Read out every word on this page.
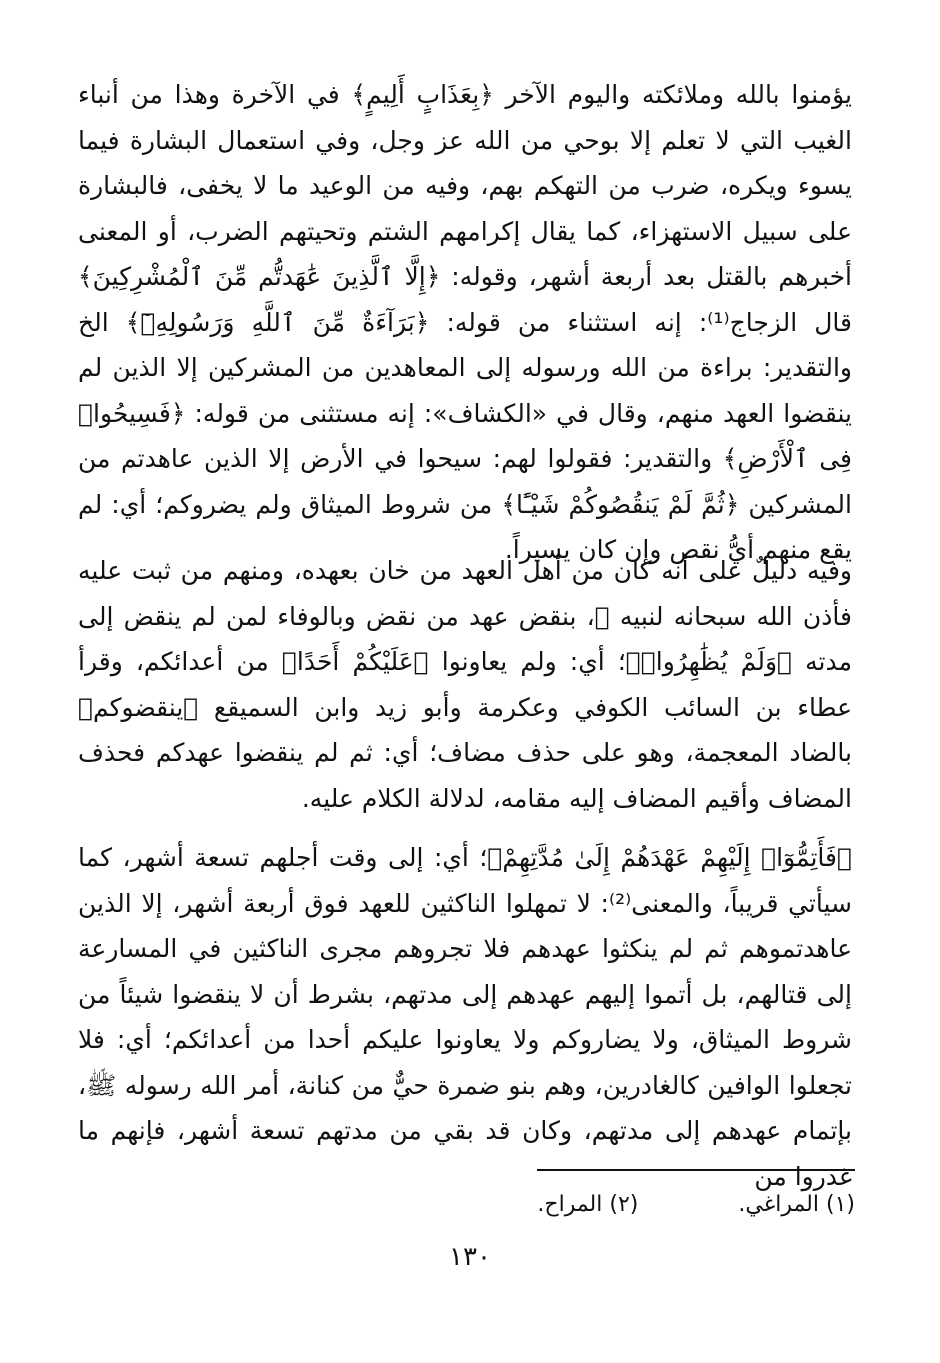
يؤمنوا بالله وملائكته واليوم الآخر ﴿بِعَذَابٍ أَلِيمٍ﴾ في الآخرة وهذا من أنباء الغيب التي لا تعلم إلا بوحي من الله عز وجل، وفي استعمال البشارة فيما يسوء ويكره، ضرب من التهكم بهم، وفيه من الوعيد ما لا يخفى، فالبشارة على سبيل الاستهزاء، كما يقال إكرامهم الشتم وتحيتهم الضرب، أو المعنى أخبرهم بالقتل بعد أربعة أشهر، وقوله: ﴿إِلَّا ٱلَّذِينَ عَٰهَدتُّم مِّنَ ٱلْمُشْرِكِينَ﴾ قال الزجاج⁽¹⁾: إنه استثناء من قوله: ﴿بَرَآءَةٌ مِّنَ ٱللَّهِ وَرَسُولِهِۦٓ﴾ الخ والتقدير: براءة من الله ورسوله إلى المعاهدين من المشركين إلا الذين لم ينقضوا العهد منهم، وقال في «الكشاف»: إنه مستثنى من قوله: ﴿فَسِيحُوا۟ فِى ٱلْأَرْضِ﴾ والتقدير: فقولوا لهم: سيحوا في الأرض إلا الذين عاهدتم من المشركين ﴿ثُمَّ لَمْ يَنقُصُوكُمْ شَيْـًٔا﴾ من شروط الميثاق ولم يضروكم؛ أي: لم يقع منهم أيُّ نقص وإن كان يسيراً.

وفيه دليلٌ على أنه كان من أهل العهد من خان بعهده، ومنهم من ثبت عليه فأذن الله سبحانه لنبيه ﷺ، بنقض عهد من نقض وبالوفاء لمن لم ينقض إلى مدته ﴿وَلَمْ يُظَٰهِرُوا۟﴾؛ أي: ولم يعاونوا ﴿عَلَيْكُمْ أَحَدًا﴾ من أعدائكم، وقرأ عطاء بن السائب الكوفي وعكرمة وأبو زيد وابن السميقع ﴿ينقضوكم﴾ بالضاد المعجمة، وهو على حذف مضاف؛ أي: ثم لم ينقضوا عهدكم فحذف المضاف وأقيم المضاف إليه مقامه، لدلالة الكلام عليه.

﴿فَأَتِمُّوٓا۟ إِلَيْهِمْ عَهْدَهُمْ إِلَىٰ مُدَّتِهِمْ﴾؛ أي: إلى وقت أجلهم تسعة أشهر، كما سيأتي قريباً، والمعنى⁽²⁾: لا تمهلوا الناكثين للعهد فوق أربعة أشهر، إلا الذين عاهدتموهم ثم لم ينكثوا عهدهم فلا تجروهم مجرى الناكثين في المسارعة إلى قتالهم، بل أتموا إليهم عهدهم إلى مدتهم، بشرط أن لا ينقضوا شيئاً من شروط الميثاق، ولا يضاروكم ولا يعاونوا عليكم أحدا من أعدائكم؛ أي: فلا تجعلوا الوافين كالغادرين، وهم بنو ضمرة حيٌّ من كنانة، أمر الله رسوله ﷺ، بإتمام عهدهم إلى مدتهم، وكان قد بقي من مدتهم تسعة أشهر، فإنهم ما غدروا من

(١) المراغي.
(٢) المراح.
١٣٠
